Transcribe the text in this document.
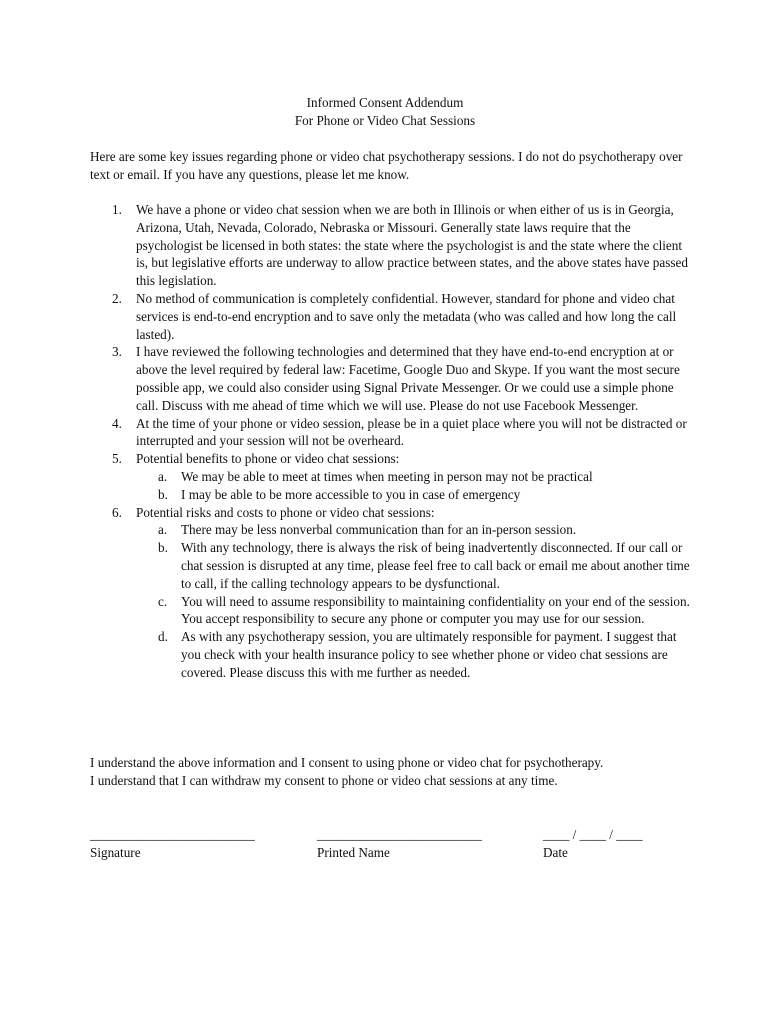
Informed Consent Addendum
For Phone or Video Chat Sessions

Here are some key issues regarding phone or video chat psychotherapy sessions. I do not do psychotherapy over text or email. If you have any questions, please let me know.

1. We have a phone or video chat session when we are both in Illinois or when either of us is in Georgia, Arizona, Utah, Nevada, Colorado, Nebraska or Missouri. Generally state laws require that the psychologist be licensed in both states: the state where the psychologist is and the state where the client is, but legislative efforts are underway to allow practice between states, and the above states have passed this legislation.
2. No method of communication is completely confidential. However, standard for phone and video chat services is end-to-end encryption and to save only the metadata (who was called and how long the call lasted).
3. I have reviewed the following technologies and determined that they have end-to-end encryption at or above the level required by federal law: Facetime, Google Duo and Skype. If you want the most secure possible app, we could also consider using Signal Private Messenger. Or we could use a simple phone call. Discuss with me ahead of time which we will use. Please do not use Facebook Messenger.
4. At the time of your phone or video session, please be in a quiet place where you will not be distracted or interrupted and your session will not be overheard.
5. Potential benefits to phone or video chat sessions:
a. We may be able to meet at times when meeting in person may not be practical
b. I may be able to be more accessible to you in case of emergency
6. Potential risks and costs to phone or video chat sessions:
a. There may be less nonverbal communication than for an in-person session.
b. With any technology, there is always the risk of being inadvertently disconnected. If our call or chat session is disrupted at any time, please feel free to call back or email me about another time to call, if the calling technology appears to be dysfunctional.
c. You will need to assume responsibility to maintaining confidentiality on your end of the session. You accept responsibility to secure any phone or computer you may use for our session.
d. As with any psychotherapy session, you are ultimately responsible for payment. I suggest that you check with your health insurance policy to see whether phone or video chat sessions are covered. Please discuss this with me further as needed.
I understand the above information and I consent to using phone or video chat for psychotherapy.
I understand that I can withdraw my consent to phone or video chat sessions at any time.
_________________________
Signature
_________________________
Printed Name
____ / ____ / ____
Date
